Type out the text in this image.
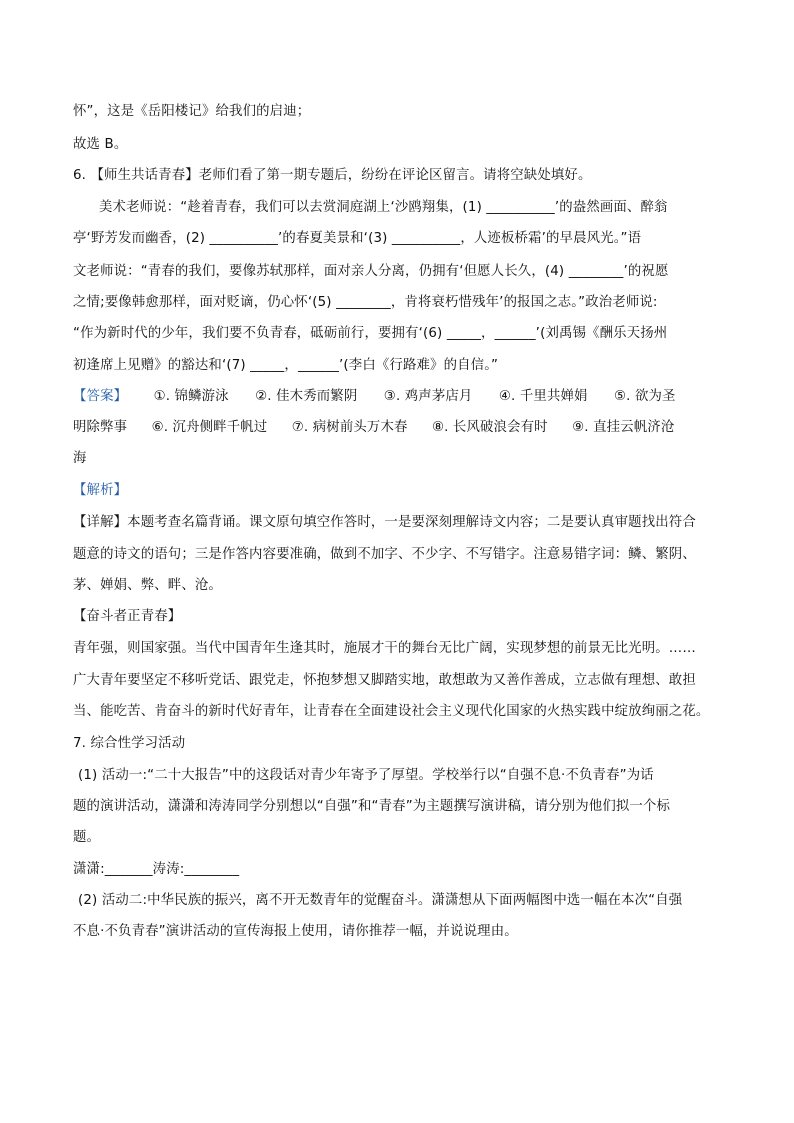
怀”，这是《岳阳楼记》给我们的启迪；
故选 B。
6. 【师生共话青春】老师们看了第一期专题后，纷纷在评论区留言。请将空缺处填好。
美术老师说：“趁着青春，我们可以去赏洞庭湖上‘沙鸥翔集，(1) __________’的盎然画面、醉翁
亭‘野芳发而幽香，(2) __________’的春夏美景和‘(3) __________，人迹板桥霜’的早晨风光。”语
文老师说：“青春的我们，要像苏轼那样，面对亲人分离，仍拥有‘但愿人长久，(4) ________’的祝愿
之情;要像韩愈那样，面对贬谪，仍心怀‘(5) ________，肯将衰朽惜残年’的报国之志。”政治老师说:
“作为新时代的少年，我们要不负青春，砥砺前行，要拥有‘(6) _____，______’(刘禹锡《酬乐天扬州
初逢席上见赠》的豁达和‘(7) _____，______’(李白《行路难》的自信。”
【答案】 ①. 锦鳞游泳 ②. 佳木秀而繁阴 ③. 鸡声茅店月 ④. 千里共婵娟 ⑤. 欲为圣
明除弊事 ⑥. 沉舟侧畔千帆过 ⑦. 病树前头万木春 ⑧. 长风破浪会有时 ⑨. 直挂云帆济沧
海
【解析】
【详解】本题考查名篇背诵。课文原句填空作答时，一是要深刻理解诗文内容；二是要认真审题找出符合
题意的诗文的语句；三是作答内容要准确，做到不加字、不少字、不写错字。注意易错字词：鳞、繁阴、
茅、婵娟、弊、畔、沧。
【奋斗者正青春】
青年强，则国家强。当代中国青年生逢其时，施展才干的舞台无比广阔，实现梦想的前景无比光明。……
广大青年要坚定不移听党话、跟党走，怀抱梦想又脚踏实地，敢想敢为又善作善成，立志做有理想、敢担
当、能吃苦、肯奋斗的新时代好青年，让青春在全面建设社会主义现代化国家的火热实践中绽放绚丽之花。
7. 综合性学习活动
(1) 活动一:“二十大报告”中的这段话对青少年寄予了厚望。学校举行以“自强不息·不负青春”为话
题的演讲活动，潇潇和涛涛同学分别想以“自强”和“青春”为主题撰写演讲稿，请分别为他们拟一个标
题。
潇潇:_______涛涛:________
(2) 活动二:中华民族的振兴，离不开无数青年的觉醒奋斗。潇潇想从下面两幅图中选一幅在本次“自强
不息·不负青春”演讲活动的宣传海报上使用，请你推荐一幅，并说说理由。
